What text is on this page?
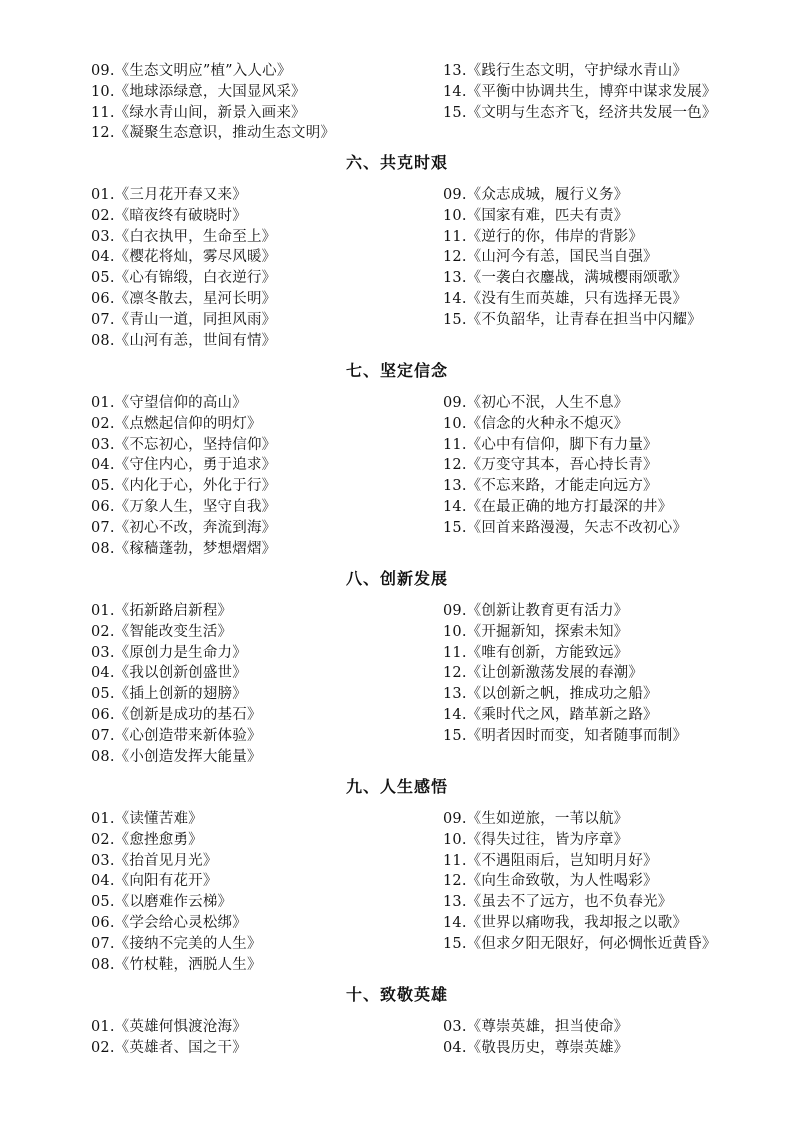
09.《生态文明应”植”入人心》
10.《地球添绿意，大国显风采》
11.《绿水青山间，新景入画来》
12.《凝聚生态意识，推动生态文明》
13.《践行生态文明，守护绿水青山》
14.《平衡中协调共生，博弈中谋求发展》
15.《文明与生态齐飞，经济共发展一色》
六、共克时艰
01.《三月花开春又来》
02.《暗夜终有破晓时》
03.《白衣执甲，生命至上》
04.《樱花将灿，雾尽风暖》
05.《心有锦缎，白衣逆行》
06.《凛冬散去，星河长明》
07.《青山一道，同担风雨》
08.《山河有恙，世间有情》
09.《众志成城，履行义务》
10.《国家有难，匹夫有责》
11.《逆行的你，伟岸的背影》
12.《山河今有恙，国民当自强》
13.《一袭白衣鏖战，满城樱雨颂歌》
14.《没有生而英雄，只有选择无畏》
15.《不负韶华，让青春在担当中闪耀》
七、坚定信念
01.《守望信仰的高山》
02.《点燃起信仰的明灯》
03.《不忘初心，坚持信仰》
04.《守住内心，勇于追求》
05.《内化于心，外化于行》
06.《万象人生，坚守自我》
07.《初心不改，奔流到海》
08.《稼穑蓬勃，梦想熠熠》
09.《初心不泯，人生不息》
10.《信念的火种永不熄灭》
11.《心中有信仰，脚下有力量》
12.《万变守其本，吾心持长青》
13.《不忘来路，才能走向远方》
14.《在最正确的地方打最深的井》
15.《回首来路漫漫，矢志不改初心》
八、创新发展
01.《拓新路启新程》
02.《智能改变生活》
03.《原创力是生命力》
04.《我以创新创盛世》
05.《插上创新的翅膀》
06.《创新是成功的基石》
07.《心创造带来新体验》
08.《小创造发挥大能量》
09.《创新让教育更有活力》
10.《开掘新知，探索未知》
11.《唯有创新，方能致远》
12.《让创新激荡发展的春潮》
13.《以创新之帆，推成功之船》
14.《乘时代之风，踏革新之路》
15.《明者因时而变，知者随事而制》
九、人生感悟
01.《读懂苦难》
02.《愈挫愈勇》
03.《抬首见月光》
04.《向阳有花开》
05.《以磨难作云梯》
06.《学会给心灵松绑》
07.《接纳不完美的人生》
08.《竹杖鞋，洒脱人生》
09.《生如逆旅，一苇以航》
10.《得失过往，皆为序章》
11.《不遇阻雨后，岂知明月好》
12.《向生命致敬，为人性喝彩》
13.《虽去不了远方，也不负春光》
14.《世界以痛吻我，我却报之以歌》
15.《但求夕阳无限好，何必惆怅近黄昏》
十、致敬英雄
01.《英雄何惧渡沧海》
02.《英雄者、国之干》
03.《尊崇英雄，担当使命》
04.《敬畏历史，尊崇英雄》
